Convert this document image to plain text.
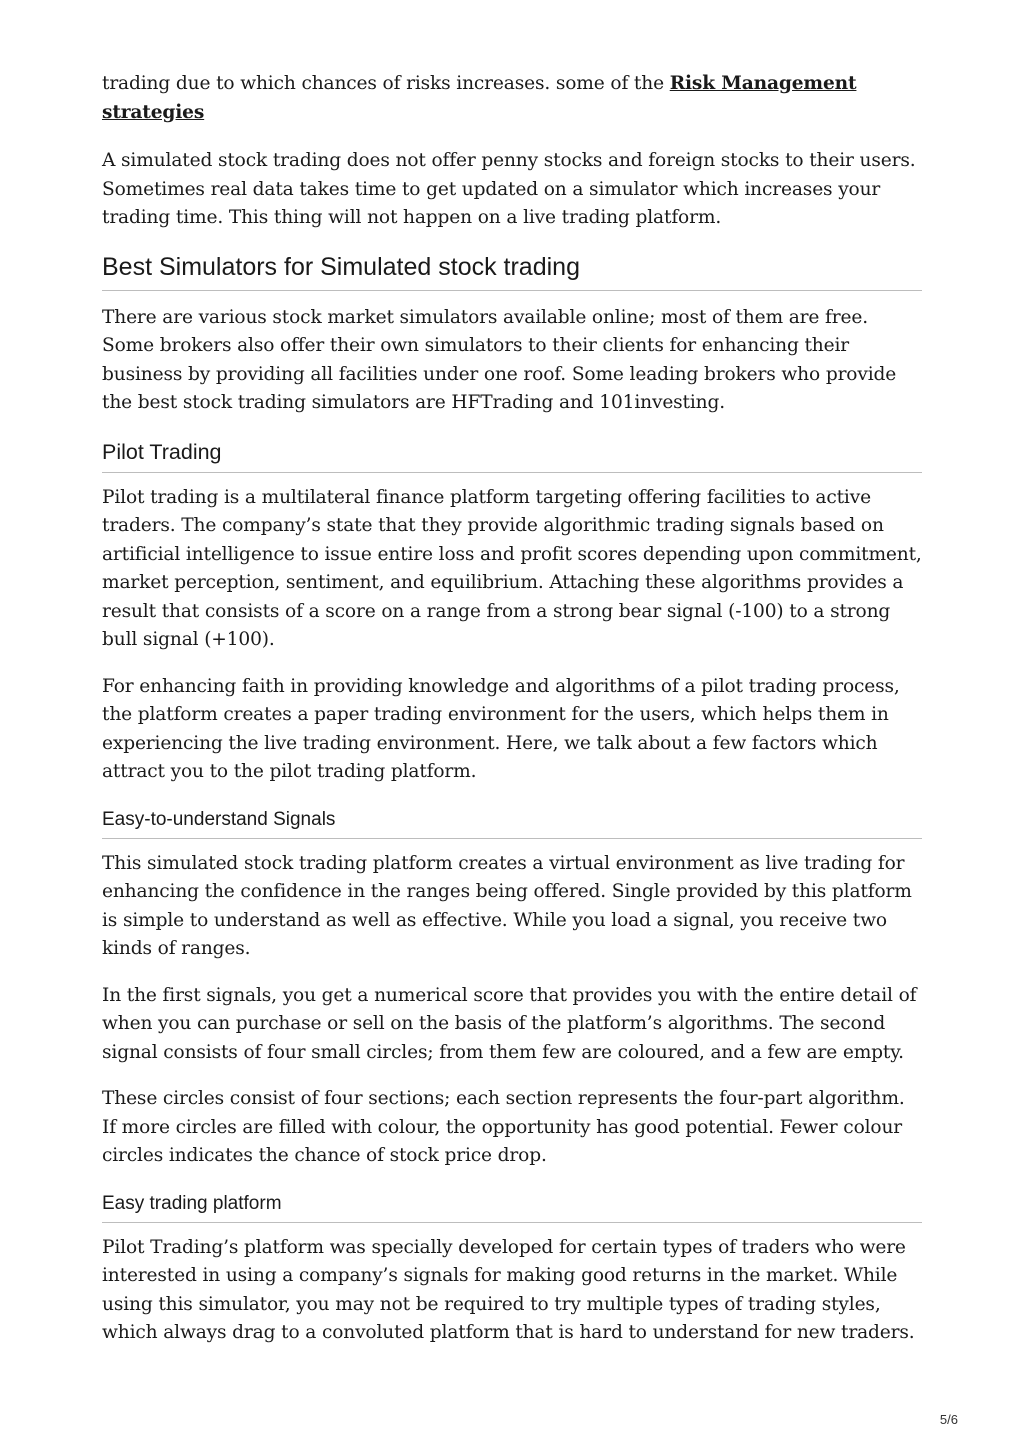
trading due to which chances of risks increases. some of the Risk Management strategies

A simulated stock trading does not offer penny stocks and foreign stocks to their users. Sometimes real data takes time to get updated on a simulator which increases your trading time. This thing will not happen on a live trading platform.

Best Simulators for Simulated stock trading

There are various stock market simulators available online; most of them are free. Some brokers also offer their own simulators to their clients for enhancing their business by providing all facilities under one roof. Some leading brokers who provide the best stock trading simulators are HFTrading and 101investing.

Pilot Trading

Pilot trading is a multilateral finance platform targeting offering facilities to active traders. The company’s state that they provide algorithmic trading signals based on artificial intelligence to issue entire loss and profit scores depending upon commitment, market perception, sentiment, and equilibrium. Attaching these algorithms provides a result that consists of a score on a range from a strong bear signal (-100) to a strong bull signal (+100).

For enhancing faith in providing knowledge and algorithms of a pilot trading process, the platform creates a paper trading environment for the users, which helps them in experiencing the live trading environment. Here, we talk about a few factors which attract you to the pilot trading platform.

Easy-to-understand Signals

This simulated stock trading platform creates a virtual environment as live trading for enhancing the confidence in the ranges being offered. Single provided by this platform is simple to understand as well as effective. While you load a signal, you receive two kinds of ranges.

In the first signals, you get a numerical score that provides you with the entire detail of when you can purchase or sell on the basis of the platform’s algorithms. The second signal consists of four small circles; from them few are coloured, and a few are empty.

These circles consist of four sections; each section represents the four-part algorithm. If more circles are filled with colour, the opportunity has good potential. Fewer colour circles indicates the chance of stock price drop.

Easy trading platform

Pilot Trading’s platform was specially developed for certain types of traders who were interested in using a company’s signals for making good returns in the market. While using this simulator, you may not be required to try multiple types of trading styles, which always drag to a convoluted platform that is hard to understand for new traders.

5/6
